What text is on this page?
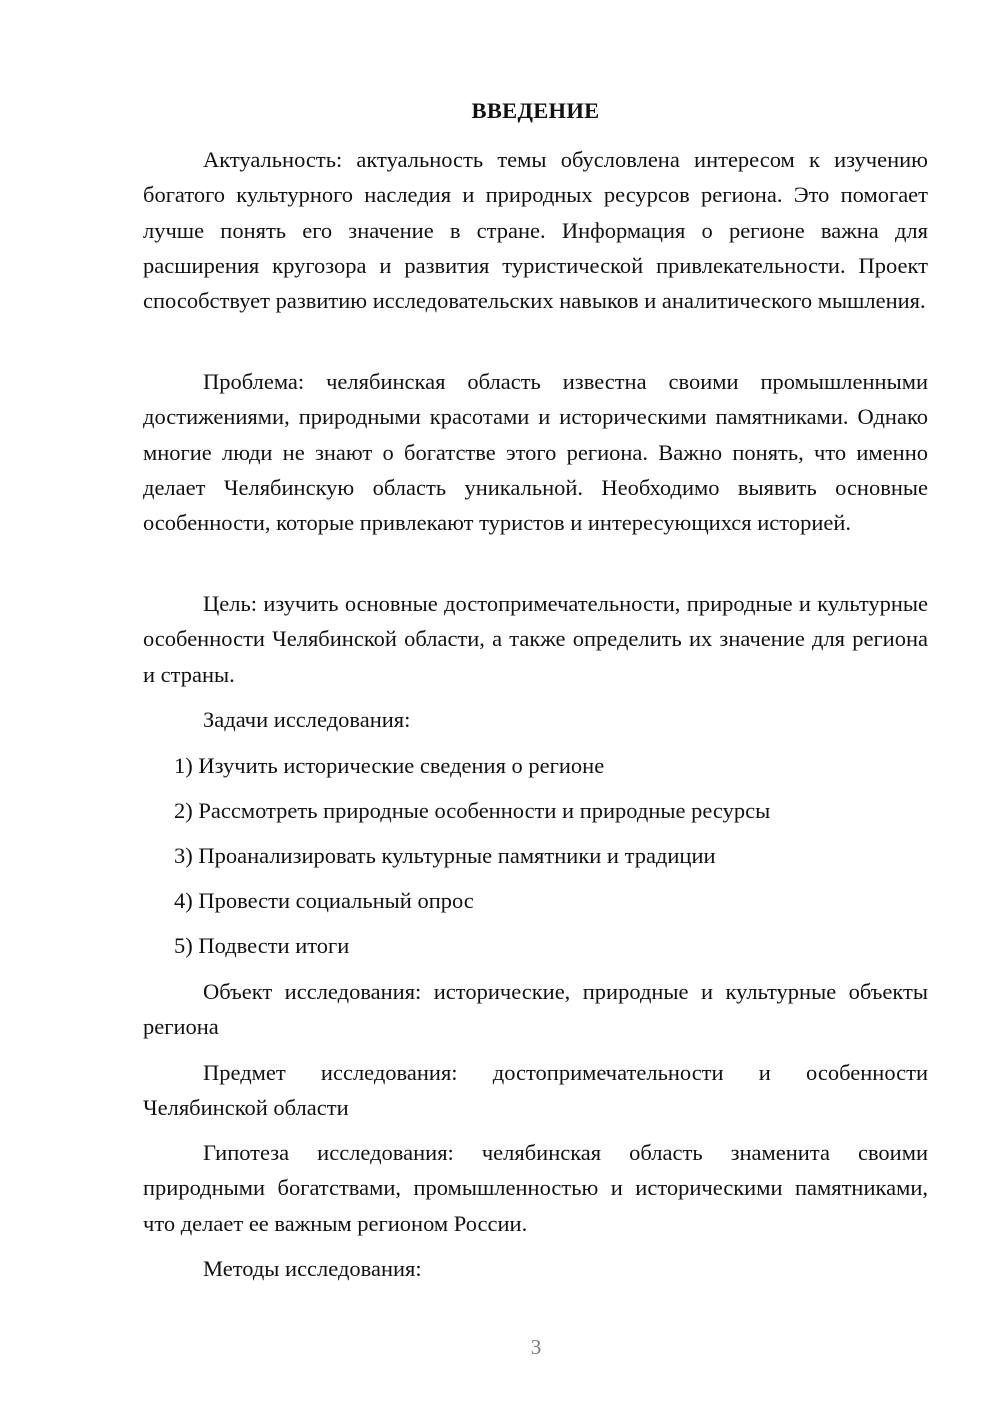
ВВЕДЕНИЕ

Актуальность: актуальность темы обусловлена интересом к изучению богатого культурного наследия и природных ресурсов региона. Это помогает лучше понять его значение в стране. Информация о регионе важна для расширения кругозора и развития туристической привлекательности. Проект способствует развитию исследовательских навыков и аналитического мышления.

Проблема: челябинская область известна своими промышленными достижениями, природными красотами и историческими памятниками. Однако многие люди не знают о богатстве этого региона. Важно понять, что именно делает Челябинскую область уникальной. Необходимо выявить основные особенности, которые привлекают туристов и интересующихся историей.

Цель: изучить основные достопримечательности, природные и культурные особенности Челябинской области, а также определить их значение для региона и страны.

Задачи исследования:

1) Изучить исторические сведения о регионе

2) Рассмотреть природные особенности и природные ресурсы

3) Проанализировать культурные памятники и традиции

4) Провести социальный опрос

5) Подвести итоги

Объект исследования: исторические, природные и культурные объекты региона

Предмет исследования: достопримечательности и особенности Челябинской области

Гипотеза исследования: челябинская область знаменита своими природными богатствами, промышленностью и историческими памятниками, что делает ее важным регионом России.

Методы исследования:

3
